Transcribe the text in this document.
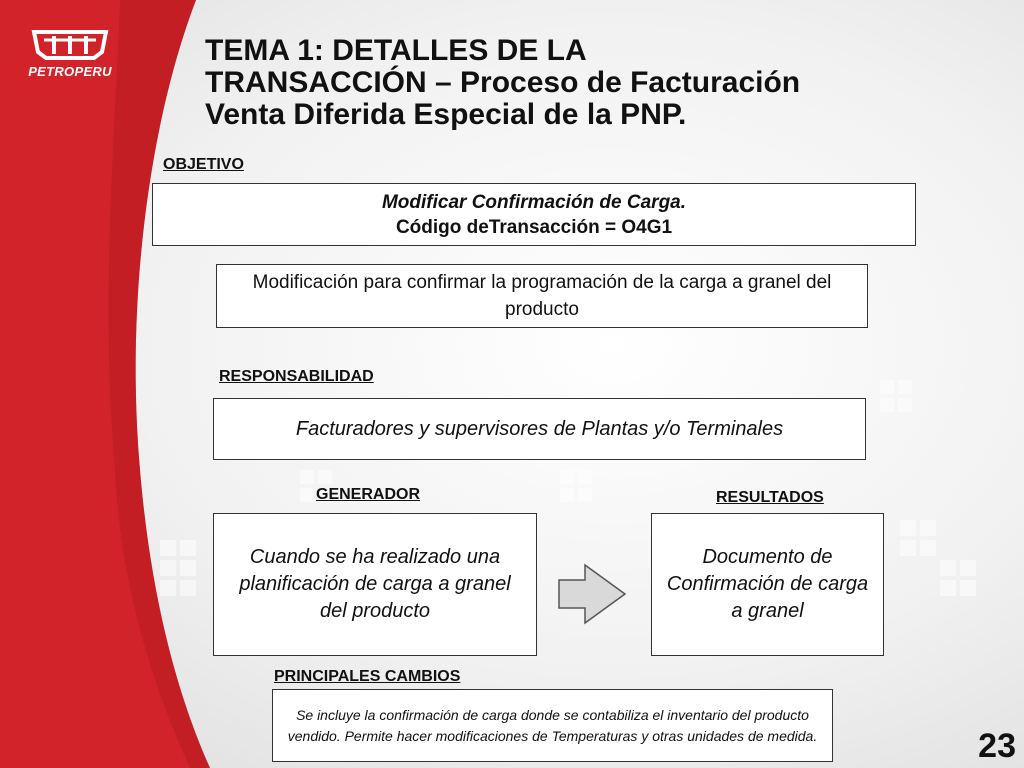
PETROPERU
TEMA 1: DETALLES DE LA
TRANSACCIÓN – Proceso de Facturación
Venta Diferida Especial de la PNP.
OBJETIVO
Modificar Confirmación de Carga.
Código deTransacción = O4G1
Modificación para confirmar la programación de la carga a granel del producto
RESPONSABILIDAD
Facturadores y supervisores de Plantas y/o Terminales
GENERADOR	RESULTADOS
Cuando se ha realizado una planificación de carga a granel del producto
Documento de Confirmación de carga a granel
PRINCIPALES CAMBIOS
Se incluye la confirmación de carga donde se contabiliza el inventario del producto vendido. Permite hacer modificaciones de Temperaturas y otras unidades de medida.	23
